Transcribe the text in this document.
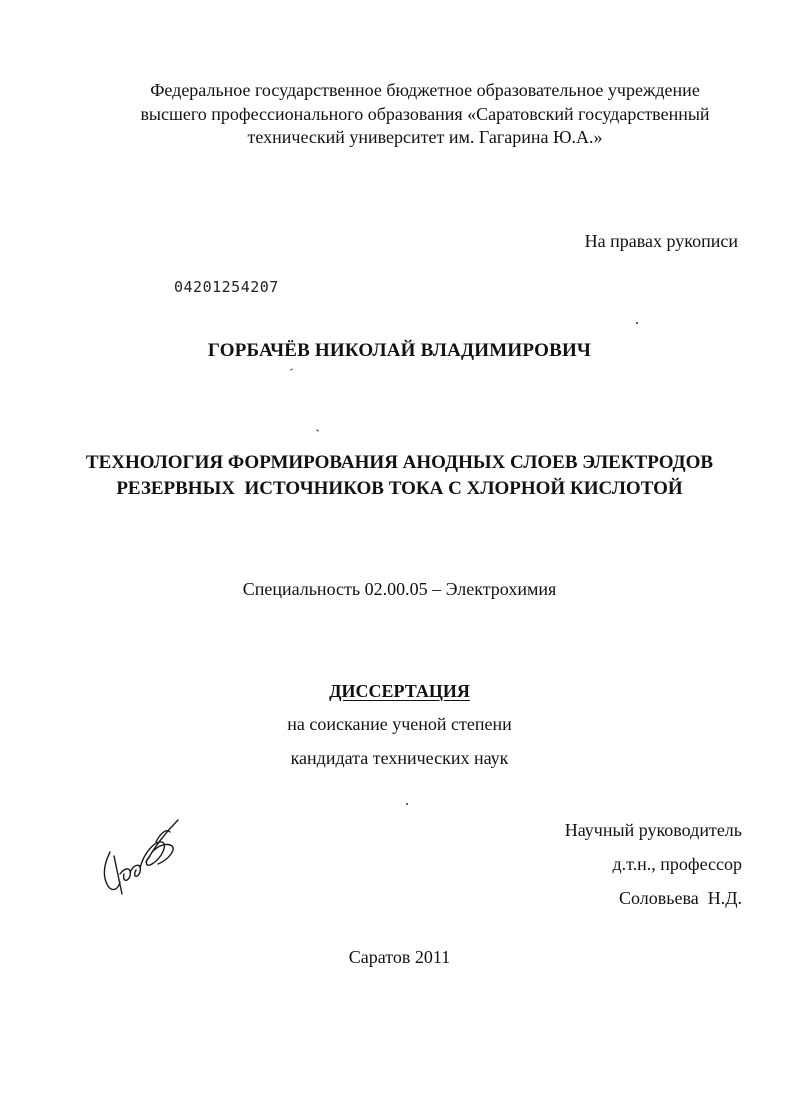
Федеральное государственное бюджетное образовательное учреждение
высшего профессионального образования «Саратовский государственный
технический университет им. Гагарина Ю.А.»
На правах рукописи
04201254207
ГОРБАЧЁВ НИКОЛАЙ ВЛАДИМИРОВИЧ
ТЕХНОЛОГИЯ ФОРМИРОВАНИЯ АНОДНЫХ СЛОЕВ ЭЛЕКТРОДОВ
РЕЗЕРВНЫХ  ИСТОЧНИКОВ ТОКА С ХЛОРНОЙ КИСЛОТОЙ
Специальность 02.00.05 – Электрохимия
ДИССЕРТАЦИЯ
на соискание ученой степени
кандидата технических наук
Научный руководитель
д.т.н., профессор
Соловьева  Н.Д.
Саратов 2011
